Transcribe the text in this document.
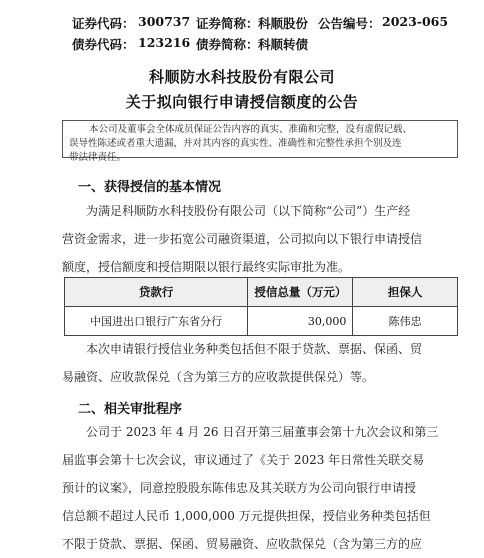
证券代码： 300737 证券简称： 科顺股份 公告编号： 2023-065
债券代码： 123216 债券简称： 科顺转债
科顺防水科技股份有限公司
关于拟向银行申请授信额度的公告
本公司及董事会全体成员保证公告内容的真实、准确和完整，没有虚假记载、
误导性陈述或者重大遗漏，并对其内容的真实性、准确性和完整性承担个别及连
带法律责任。
一、获得授信的基本情况
为满足科顺防水科技股份有限公司（以下简称“公司”）生产经
营资金需求，进一步拓宽公司融资渠道，公司拟向以下银行申请授信
额度，授信额度和授信期限以银行最终实际审批为准。
贷款行	授信总量（万元）	担保人
中国进出口银行广东省分行	30,000	陈伟忠
本次申请银行授信业务种类包括但不限于贷款、票据、保函、贸
易融资、应收款保兑（含为第三方的应收款提供保兑）等。
二、相关审批程序
公司于 2023 年 4 月 26 日召开第三届董事会第十九次会议和第三
届监事会第十七次会议，审议通过了《关于 2023 年日常性关联交易
预计的议案》，同意控股股东陈伟忠及其关联方为公司向银行申请授
信总额不超过人民币 1,000,000 万元提供担保，授信业务种类包括但
不限于贷款、票据、保函、贸易融资、应收款保兑（含为第三方的应
